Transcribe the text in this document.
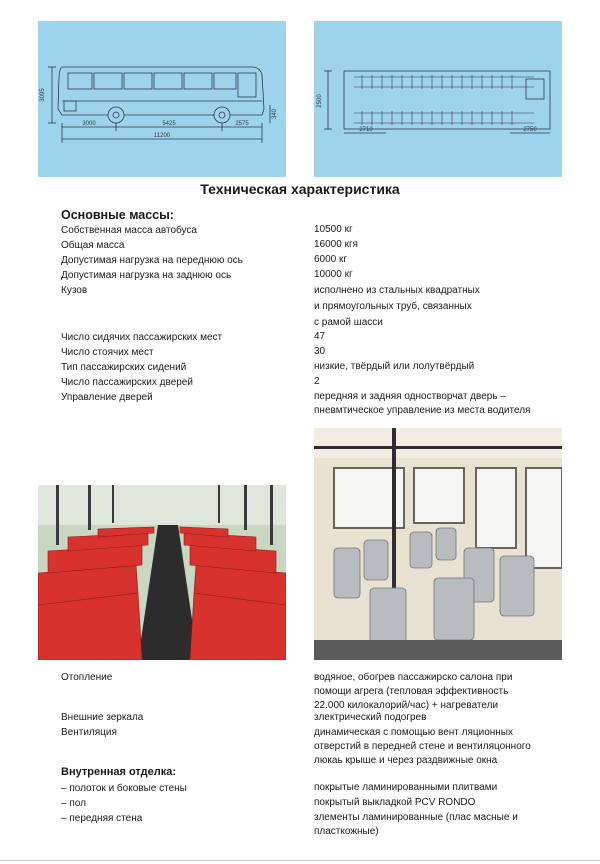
3095
3000	5425	2575
11200
340
2500
2710	2750
Техническая характеристика
Основные массы:
Собственная масса автобуса	10500 кг
Общая масса	16000 кгя
Допустимая нагрузка на переднюю ось	6000 кг
Допустимая нагрузка на заднюю ось	10000 кг
Кузов	исполнено из стальных квадратных
и прямоугольных труб, связанных
с рамой шасси
Число сидячих пассажирских мест	47
Число стоячих мест	30
Тип пассажирских сидений	низкие, твёрдый или лолутвёрдый
Число пассажирских дверей	2
Управление дверей	передняя и задняя одностворчат дверь –
пневмтическое управление из места водителя
Отопление	водяное, обогрев пассажирско салона при
помощи агрега (тепловая эффективность
22.000 килокалорий/час) + нагреватели
Внешние зеркала	злектрический подогрев
Вентиляция	динамическая с помощью вент ляционных
отверстий в передней стене и вентиляцонного
люкаь крыше и через раздвижные окна
Внутренная отделка:
– полоток и боковые стены	покрытые ламинированными плитвами
– пол	покрытый выкладкой PCV RONDO
– передняя стена	злементы ламинированные (плас масные и
пласткожные)
